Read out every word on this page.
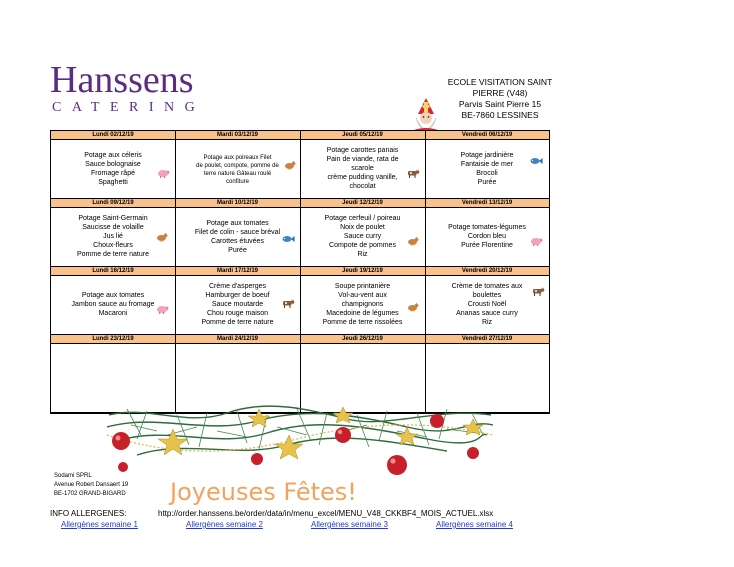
Hanssens
CATERING
ECOLE VISITATION SAINT
PIERRE (V48)
Parvis Saint Pierre 15
BE-7860 LESSINES
Lundi 02/12/19
Potage aux céleris
Sauce bolognaise
Fromage râpé
Spaghetti
Mardi 03/12/19
Potage aux poireaux Filet
de poulet, compote, pomme de
terre nature Gâteau roulé
confiture
Jeudi 05/12/19
Potage carottes panais
Pain de viande, rata de
scarole
crème pudding vanille,
chocolat
Vendredi 06/12/19
Potage jardinière
Fantaisie de mer
Brocoli
Purée
Lundi 09/12/19
Potage Saint-Germain
Saucisse de volaille
Jus lié
Choux-fleurs
Pomme de terre nature
Mardi 10/12/19
Potage aux tomates
Filet de colin - sauce bréval
Carottes étuvées
Purée
Jeudi 12/12/19
Potage cerfeuil / poireau
Noix de poulet
Sauce curry
Compote de pommes
Riz
Vendredi 13/12/19
Potage tomates-légumes
Cordon bleu
Purée Florentine
Lundi 16/12/19
Potage aux tomates
Jambon sauce au fromage
Macaroni
Mardi 17/12/19
Crème d'asperges
Hamburger de boeuf
Sauce moutarde
Chou rouge maison
Pomme de terre nature
Jeudi 19/12/19
Soupe printanière
Vol-au-vent aux
champignons
Macedoine de légumes
Pomme de terre rissolées
Vendredi 20/12/19
Crème de tomates aux
boulettes
Crousti Noël
Ananas sauce curry
Riz
Lundi 23/12/19	Mardi 24/12/19	Jeudi 26/12/19	Vendredi 27/12/19
Joyeuses Fêtes!
Sodami SPRL
Avenue Robert Dansaert 19
BE-1702 GRAND-BIGARD
INFO ALLERGENES:	http://order.hanssens.be/order/data/in/menu_excel/MENU_V48_CKKBF4_MOIS_ACTUEL.xlsx
Allergènes semaine 1	Allergènes semaine 2	Allergènes semaine 3	Allergènes semaine 4
